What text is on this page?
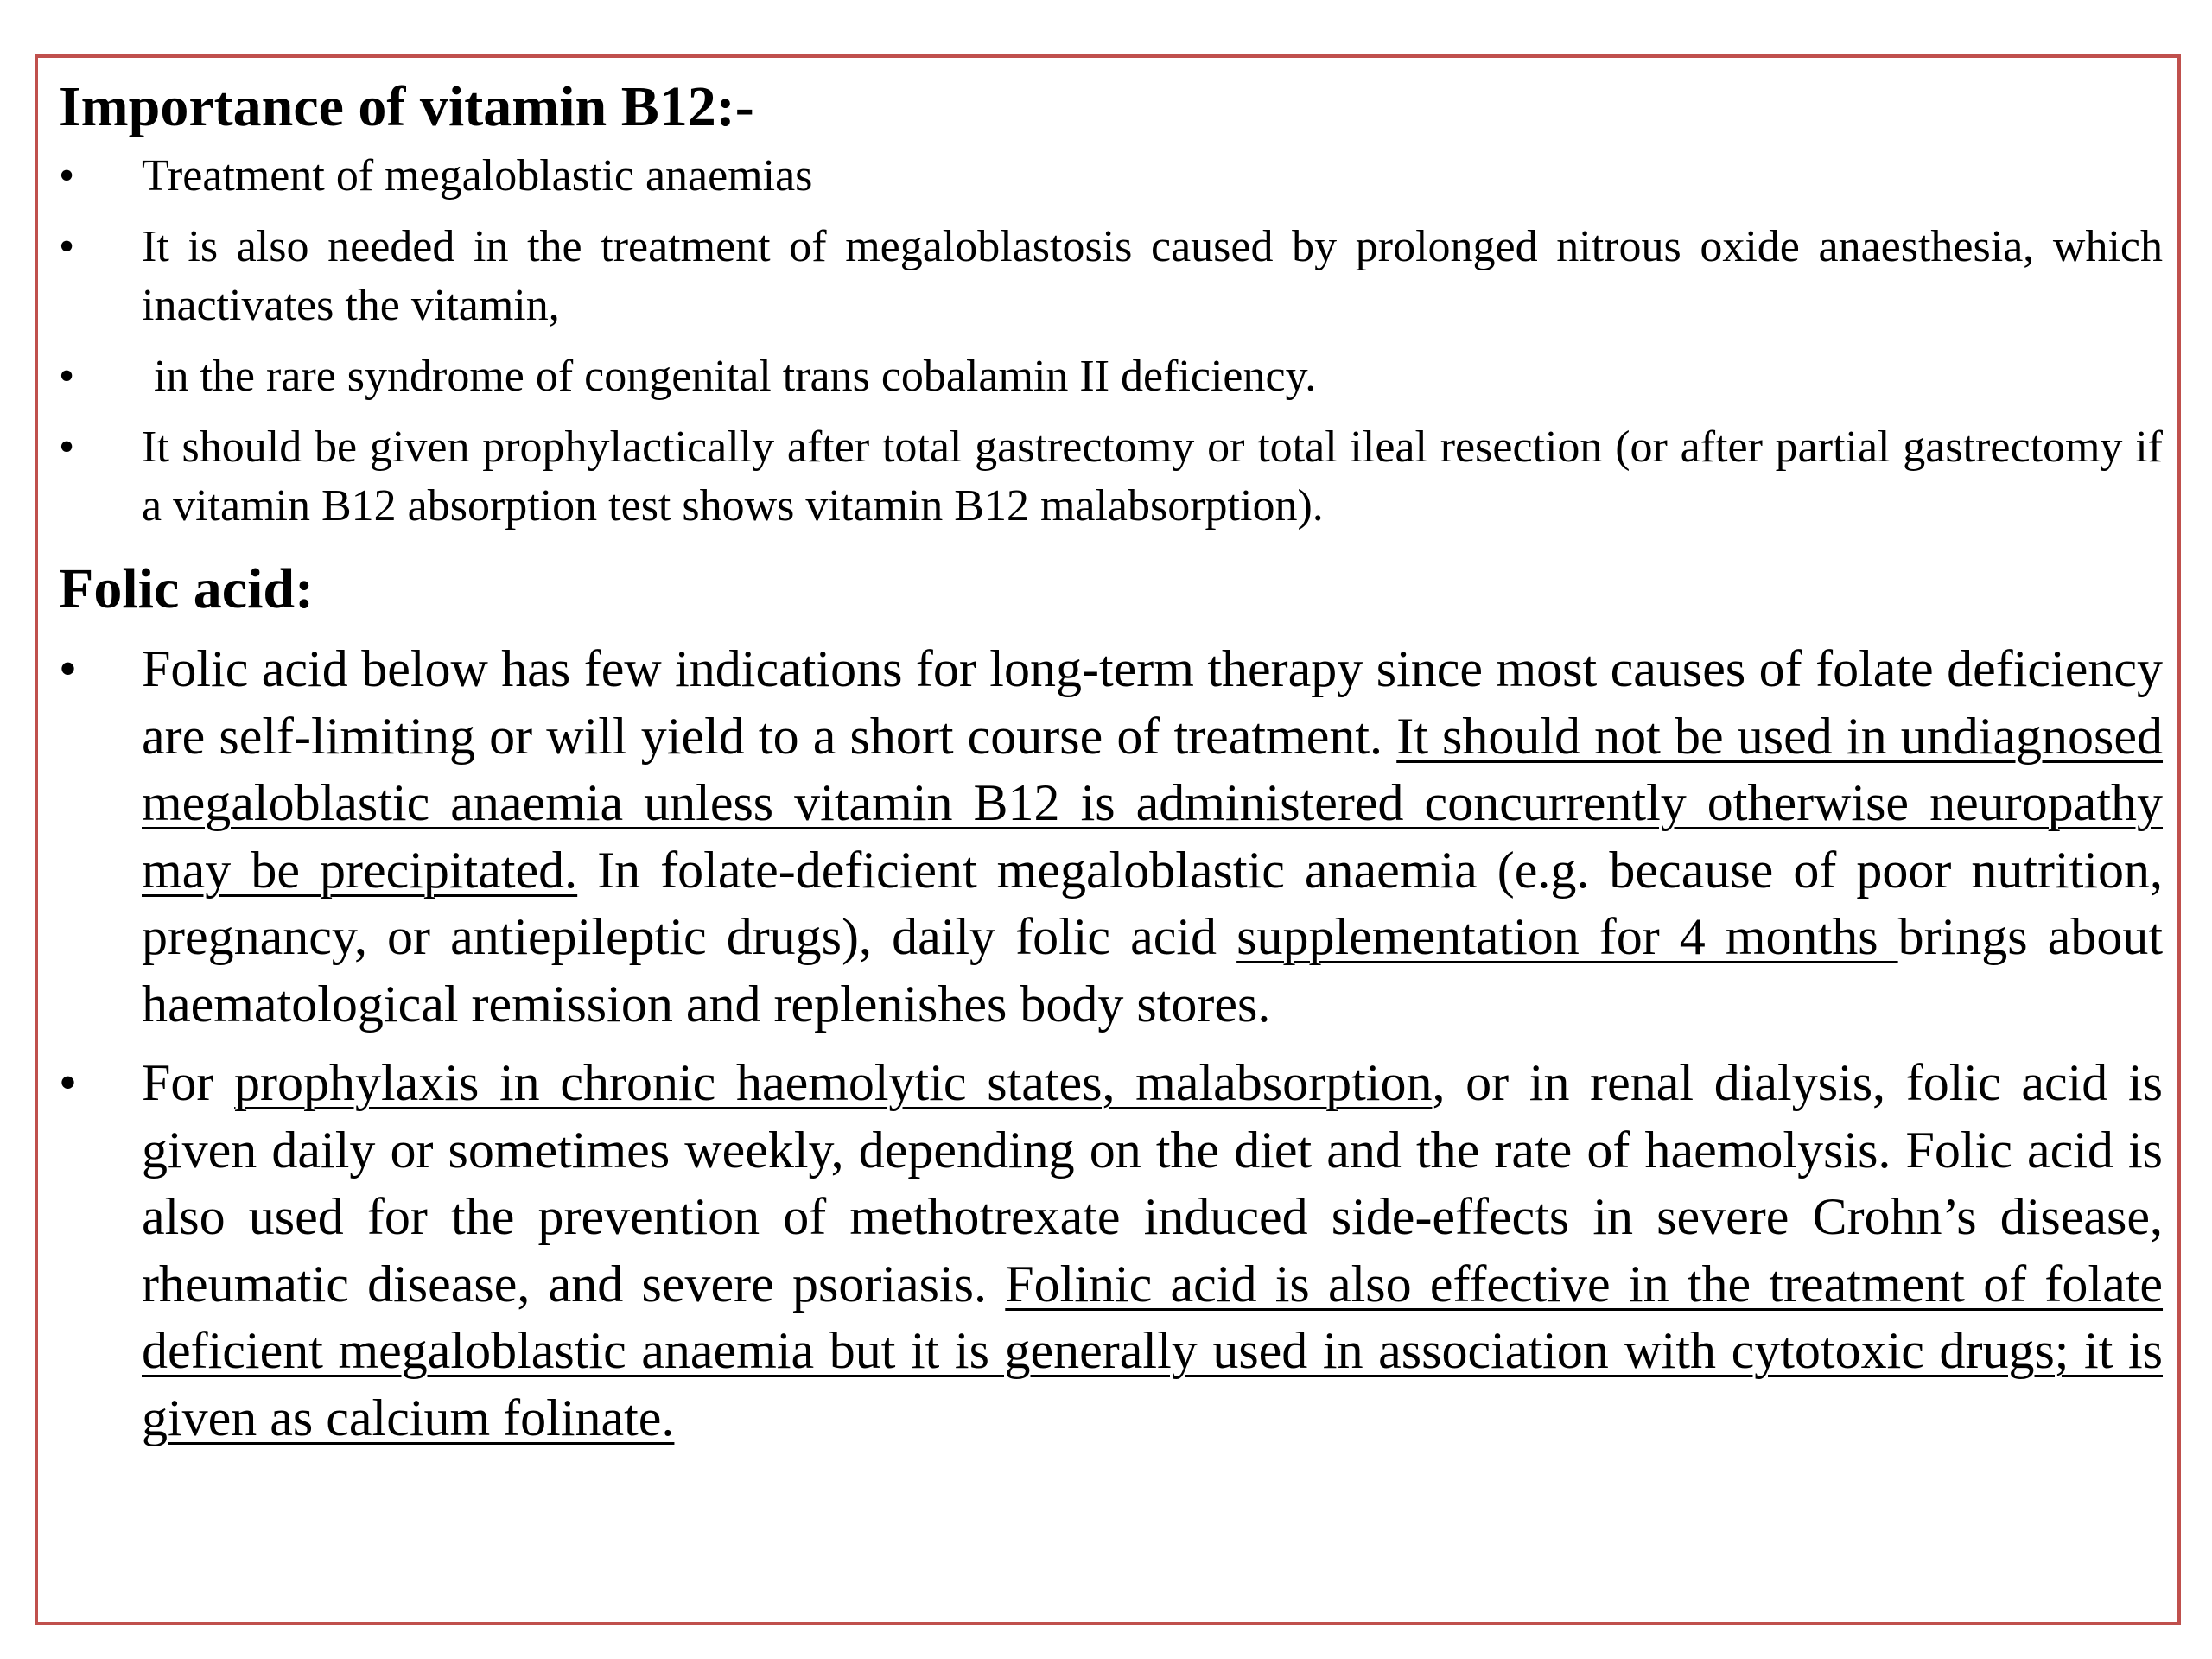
Importance of vitamin B12:-
• Treatment of megaloblastic anaemias
• It is also needed in the treatment of megaloblastosis caused by prolonged nitrous oxide anaesthesia, which inactivates the vitamin,
• in the rare syndrome of congenital trans cobalamin II deficiency.
• It should be given prophylactically after total gastrectomy or total ileal resection (or after partial gastrectomy if a vitamin B12 absorption test shows vitamin B12 malabsorption).
Folic acid:
• Folic acid below has few indications for long-term therapy since most causes of folate deficiency are self-limiting or will yield to a short course of treatment. It should not be used in undiagnosed megaloblastic anaemia unless vitamin B12 is administered concurrently otherwise neuropathy may be precipitated. In folate-deficient megaloblastic anaemia (e.g. because of poor nutrition, pregnancy, or antiepileptic drugs), daily folic acid supplementation for 4 months brings about haematological remission and replenishes body stores.
• For prophylaxis in chronic haemolytic states, malabsorption, or in renal dialysis, folic acid is given daily or sometimes weekly, depending on the diet and the rate of haemolysis. Folic acid is also used for the prevention of methotrexate induced side-effects in severe Crohn’s disease, rheumatic disease, and severe psoriasis. Folinic acid is also effective in the treatment of folate deficient megaloblastic anaemia but it is generally used in association with cytotoxic drugs; it is given as calcium folinate.
